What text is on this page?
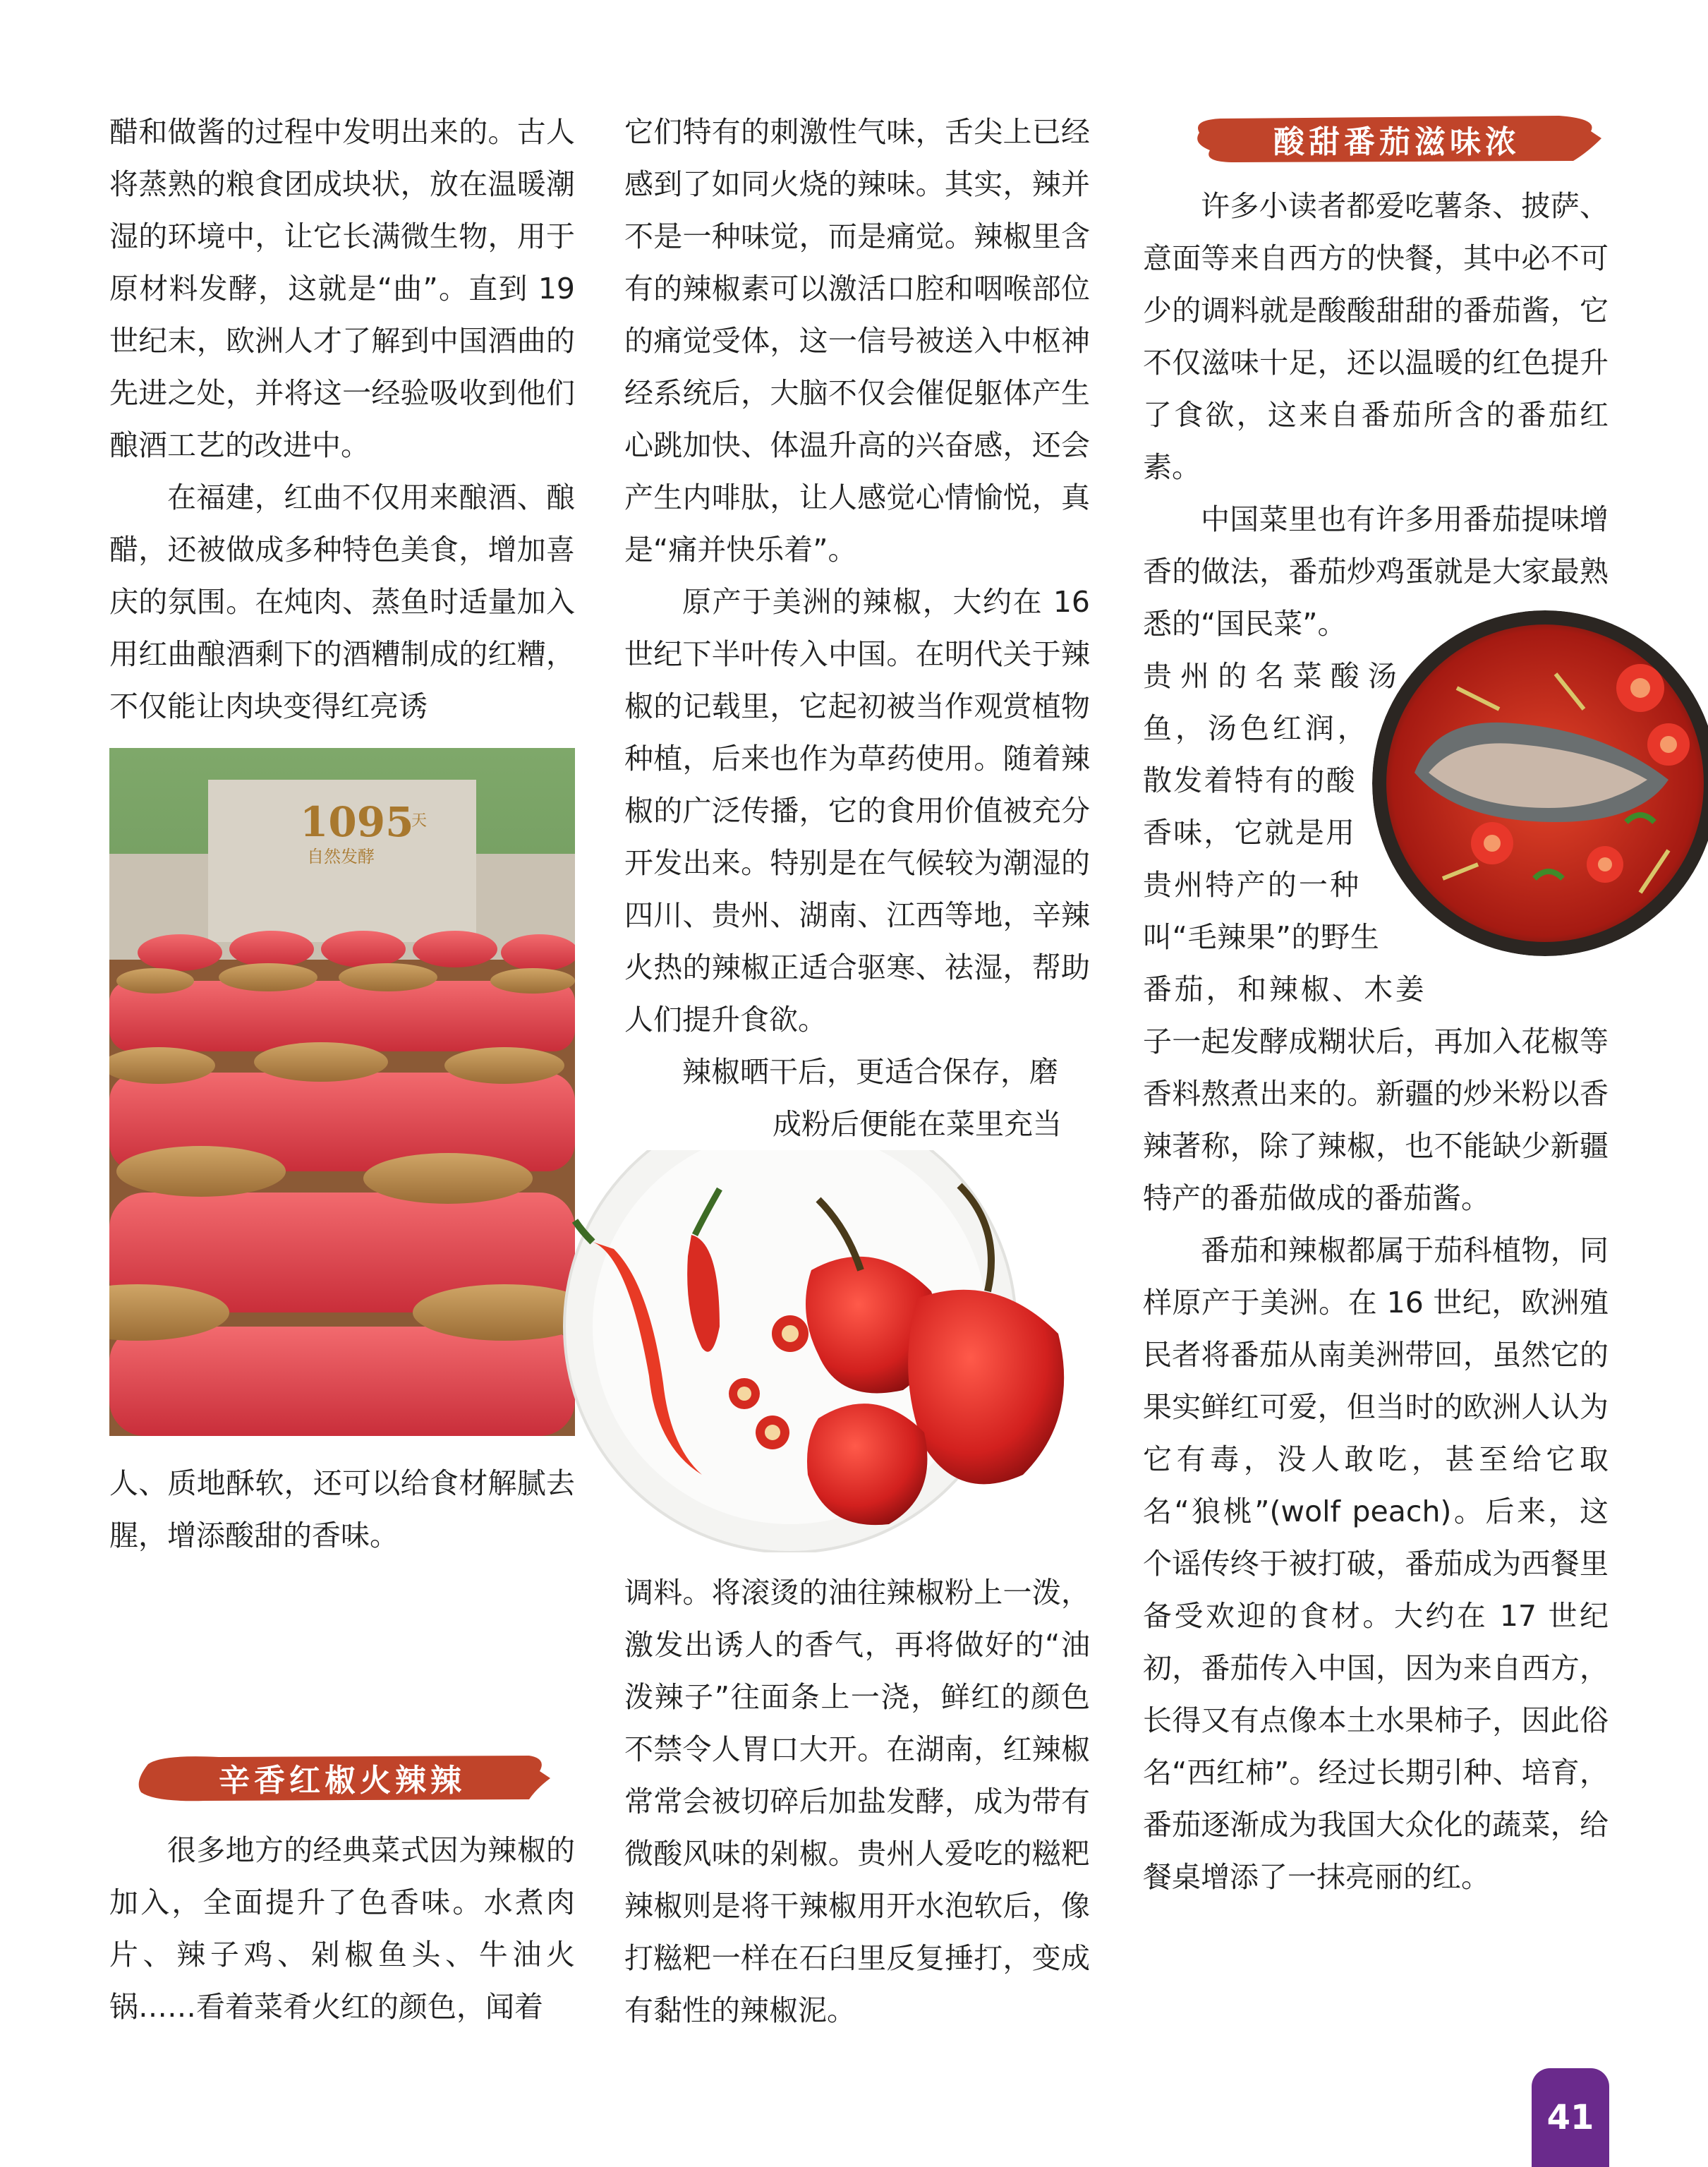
醋和做酱的过程中发明出来的。古人将蒸熟的粮食团成块状，放在温暖潮湿的环境中，让它长满微生物，用于原材料发酵，这就是“曲”。直到 19 世纪末，欧洲人才了解到中国酒曲的先进之处，并将这一经验吸收到他们酿酒工艺的改进中。

在福建，红曲不仅用来酿酒、酿醋，还被做成多种特色美食，增加喜庆的氛围。在炖肉、蒸鱼时适量加入用红曲酿酒剩下的酒糟制成的红糟，不仅能让肉块变得红亮诱

1095
天
自然发酵

人、质地酥软，还可以给食材解腻去腥，增添酸甜的香味。

辛香红椒火辣辣

很多地方的经典菜式因为辣椒的加入，全面提升了色香味。水煮肉片、辣子鸡、剁椒鱼头、牛油火锅……看着菜肴火红的颜色，闻着

它们特有的刺激性气味，舌尖上已经感到了如同火烧的辣味。其实，辣并不是一种味觉，而是痛觉。辣椒里含有的辣椒素可以激活口腔和咽喉部位的痛觉受体，这一信号被送入中枢神经系统后，大脑不仅会催促躯体产生心跳加快、体温升高的兴奋感，还会产生内啡肽，让人感觉心情愉悦，真是“痛并快乐着”。

原产于美洲的辣椒，大约在 16 世纪下半叶传入中国。在明代关于辣椒的记载里，它起初被当作观赏植物种植，后来也作为草药使用。随着辣椒的广泛传播，它的食用价值被充分开发出来。特别是在气候较为潮湿的四川、贵州、湖南、江西等地，辛辣火热的辣椒正适合驱寒、祛湿，帮助人们提升食欲。

辣椒晒干后，更适合保存，磨

成粉后便能在菜里充当

调料。将滚烫的油往辣椒粉上一泼，激发出诱人的香气，再将做好的“油泼辣子”往面条上一浇，鲜红的颜色不禁令人胃口大开。在湖南，红辣椒常常会被切碎后加盐发酵，成为带有微酸风味的剁椒。贵州人爱吃的糍粑辣椒则是将干辣椒用开水泡软后，像打糍粑一样在石臼里反复捶打，变成有黏性的辣椒泥。

酸甜番茄滋味浓

许多小读者都爱吃薯条、披萨、意面等来自西方的快餐，其中必不可少的调料就是酸酸甜甜的番茄酱，它不仅滋味十足，还以温暖的红色提升了食欲，这来自番茄所含的番茄红素。

中国菜里也有许多用番茄提味增香的做法，番茄炒鸡蛋就是大家最熟悉的“国民菜”。

贵州的名菜酸汤鱼，汤色红润，散发着特有的酸香味，它就是用贵州特产的一种叫“毛辣果”的野生番茄，和辣椒、木姜子一起发酵成糊状后，再加入花椒等香料熬煮出来的。新疆的炒米粉以香辣著称，除了辣椒，也不能缺少新疆特产的番茄做成的番茄酱。

番茄和辣椒都属于茄科植物，同样原产于美洲。在 16 世纪，欧洲殖民者将番茄从南美洲带回，虽然它的果实鲜红可爱，但当时的欧洲人认为它有毒，没人敢吃，甚至给它取名“狼桃”(wolf peach)。后来，这个谣传终于被打破，番茄成为西餐里备受欢迎的食材。大约在 17 世纪初，番茄传入中国，因为来自西方，长得又有点像本土水果柿子，因此俗名“西红柿”。经过长期引种、培育，番茄逐渐成为我国大众化的蔬菜，给餐桌增添了一抹亮丽的红。

41
